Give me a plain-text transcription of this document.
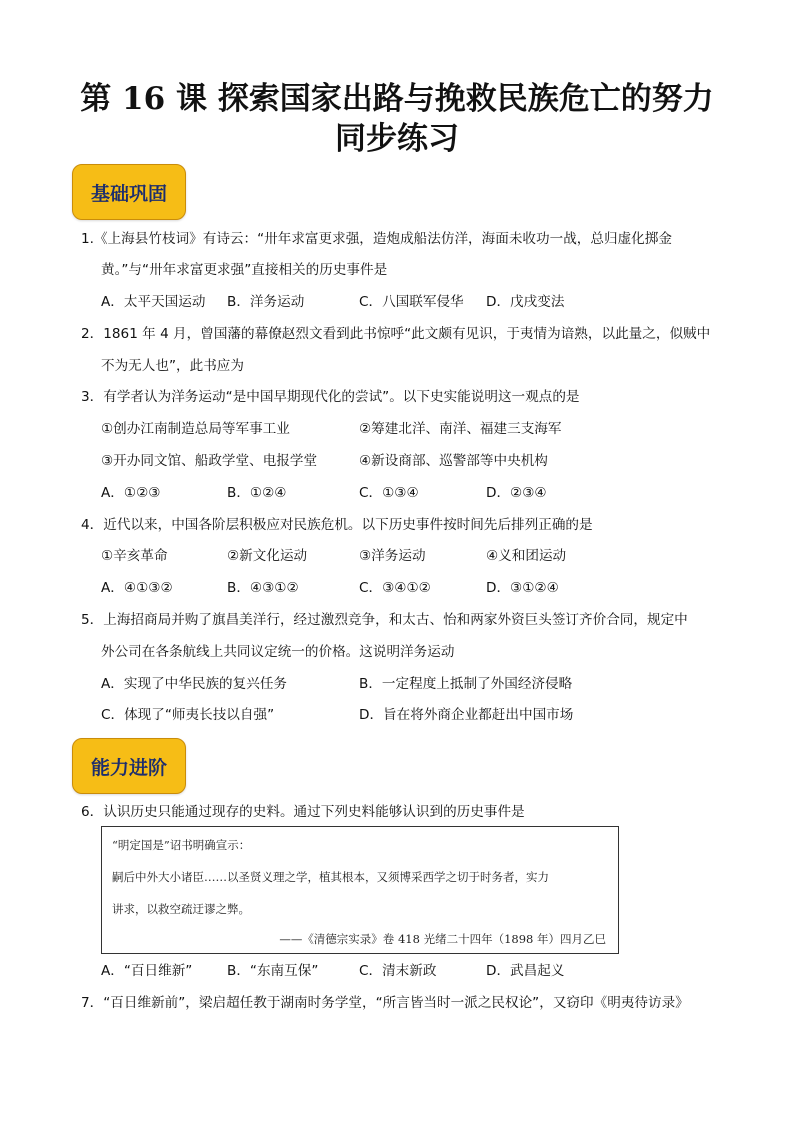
第 16 课 探索国家出路与挽救民族危亡的努力
同步练习
基础巩固
1.《上海县竹枝词》有诗云：“卅年求富更求强，造炮成船法仿洋，海面未收功一战，总归虚化掷金
黄。”与“卅年求富更求强”直接相关的历史事件是
A．太平天国运动 B．洋务运动	C．八国联军侵华 D．戊戌变法
2．1861 年 4 月，曾国藩的幕僚赵烈文看到此书惊呼“此文颇有见识，于夷情为谙熟，以此量之，似贼中
不为无人也”，此书应为
3．有学者认为洋务运动“是中国早期现代化的尝试”。以下史实能说明这一观点的是
①创办江南制造总局等军事工业	②筹建北洋、南洋、福建三支海军
③开办同文馆、船政学堂、电报学堂	④新设商部、巡警部等中央机构
A．①②③	B．①②④	C．①③④	D．②③④
4．近代以来，中国各阶层积极应对民族危机。以下历史事件按时间先后排列正确的是
①辛亥革命	②新文化运动	③洋务运动	④义和团运动
A．④①③②	B．④③①②	C．③④①②	D．③①②④
5．上海招商局并购了旗昌美洋行，经过激烈竞争，和太古、怡和两家外资巨头签订齐价合同，规定中
外公司在各条航线上共同议定统一的价格。这说明洋务运动
A．实现了中华民族的复兴任务	B．一定程度上抵制了外国经济侵略
C．体现了“师夷长技以自强”	D．旨在将外商企业都赶出中国市场
能力进阶
6．认识历史只能通过现存的史料。通过下列史料能够认识到的历史事件是
“明定国是”诏书明确宣示：
嗣后中外大小诸臣……以圣贤义理之学，植其根本，又须博采西学之切于时务者，实力
讲求，以救空疏迂谬之弊。
——《清德宗实录》卷 418 光绪二十四年（1898 年）四月乙巳
A．“百日维新”	B．“东南互保”	C．清末新政	D．武昌起义
7．“百日维新前”，梁启超任教于湖南时务学堂，“所言皆当时一派之民权论”，又窃印《明夷待访录》
